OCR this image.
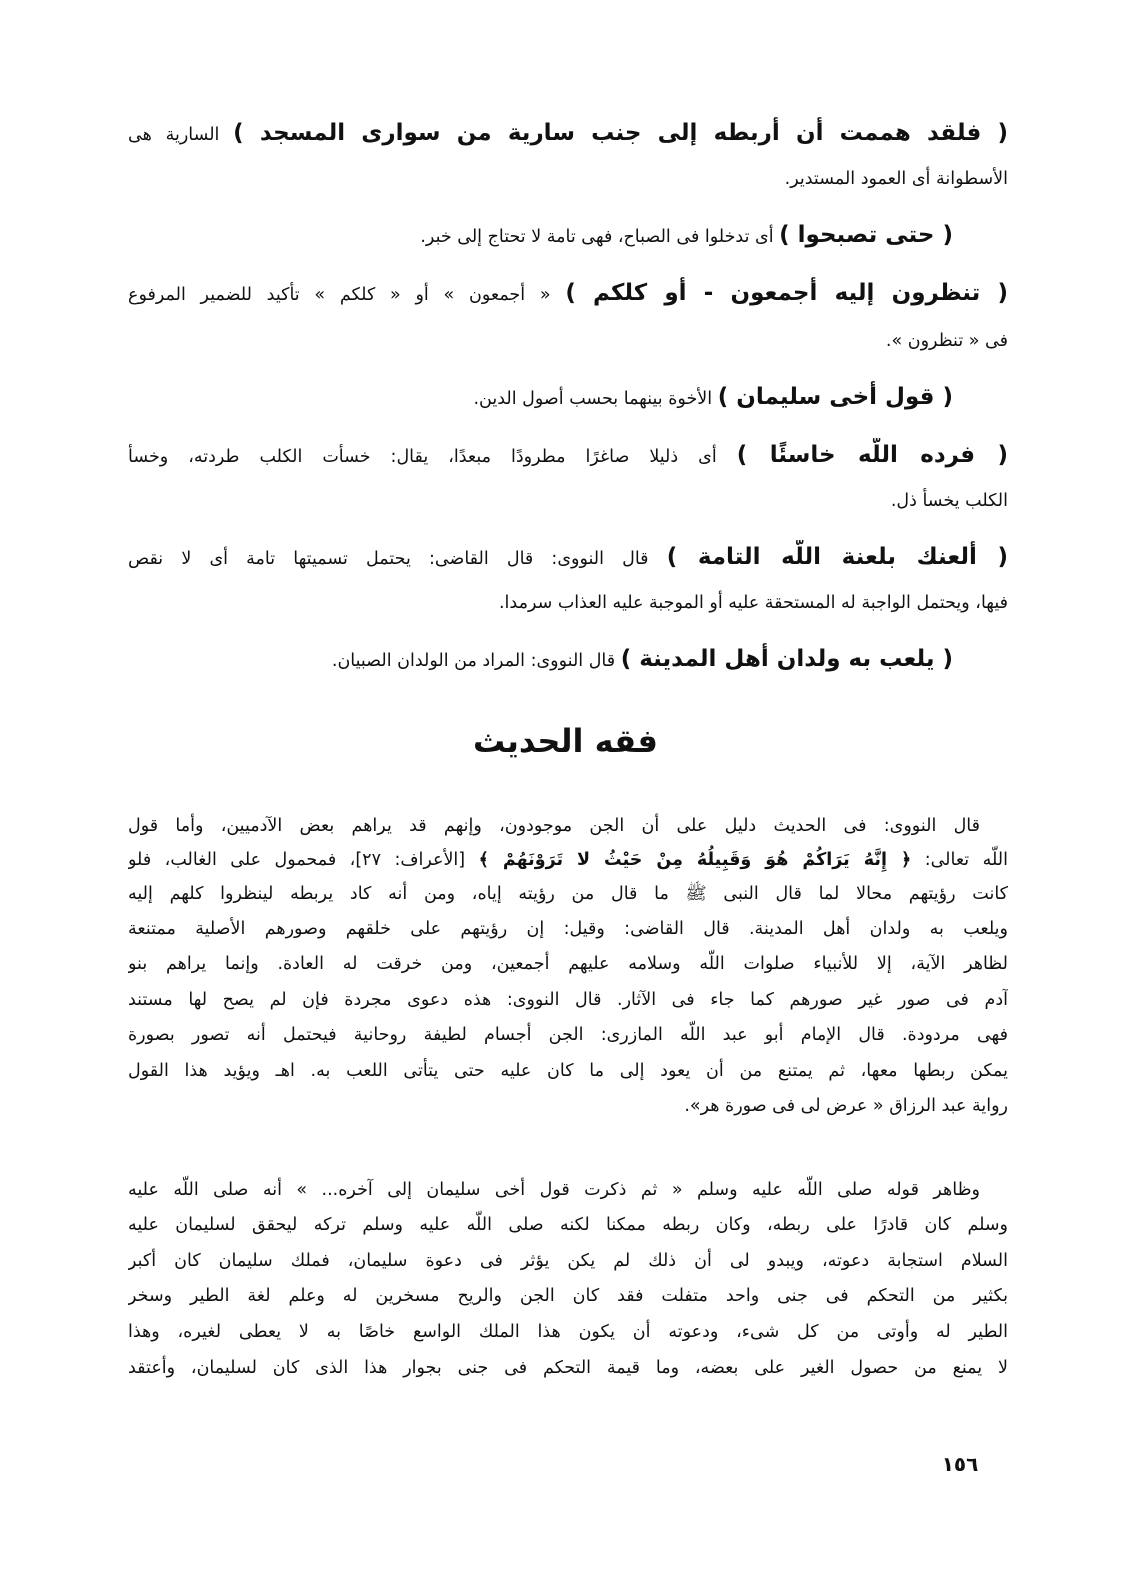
( فلقد هممت أن أربطه إلى جنب سارية من سوارى المسجد ) السارية هى
الأسطوانة أى العمود المستدير.
( حتى تصبحوا ) أى تدخلوا فى الصباح، فهى تامة لا تحتاج إلى خبر.
( تنظرون إليه أجمعون - أو كلكم ) « أجمعون » أو « كلكم » تأكيد للضمير المرفوع
فى « تنظرون ».
( قول أخى سليمان ) الأخوة بينهما بحسب أصول الدين.
( فرده اللّه خاسئًا ) أى ذليلا صاغرًا مطرودًا مبعدًا، يقال: خسأت الكلب طردته، وخسأ
الكلب يخسأ ذل.
( ألعنك بلعنة اللّه التامة ) قال النووى: قال القاضى: يحتمل تسميتها تامة أى لا نقص
فيها، ويحتمل الواجبة له المستحقة عليه أو الموجبة عليه العذاب سرمدا.
( يلعب به ولدان أهل المدينة ) قال النووى: المراد من الولدان الصبيان.
فقه الحديث
قال النووى: فى الحديث دليل على أن الجن موجودون، وإنهم قد يراهم بعض الآدميين، وأما قول
اللّه تعالى: ﴿ إِنَّهُ يَرَاكُمْ هُوَ وَقَبِيلُهُ مِنْ حَيْثُ لا تَرَوْنَهُمْ ﴾ [الأعراف: ٢٧]، فمحمول على الغالب، فلو
كانت رؤيتهم محالا لما قال النبى ﷺ ما قال من رؤيته إياه، ومن أنه كاد يربطه لينظروا كلهم إليه
ويلعب به ولدان أهل المدينة. قال القاضى: وقيل: إن رؤيتهم على خلقهم وصورهم الأصلية ممتنعة
لظاهر الآية، إلا للأنبياء صلوات اللّه وسلامه عليهم أجمعين، ومن خرقت له العادة. وإنما يراهم بنو
آدم فى صور غير صورهم كما جاء فى الآثار. قال النووى: هذه دعوى مجردة فإن لم يصح لها مستند
فهى مردودة. قال الإمام أبو عبد اللّه المازرى: الجن أجسام لطيفة روحانية فيحتمل أنه تصور بصورة
يمكن ربطها معها، ثم يمتنع من أن يعود إلى ما كان عليه حتى يتأتى اللعب به. اهـ ويؤيد هذا القول
رواية عبد الرزاق « عرض لى فى صورة هر».
وظاهر قوله صلى اللّه عليه وسلم « ثم ذكرت قول أخى سليمان إلى آخره... » أنه صلى اللّه عليه
وسلم كان قادرًا على ربطه، وكان ربطه ممكنا لكنه صلى اللّه عليه وسلم تركه ليحقق لسليمان عليه
السلام استجابة دعوته، ويبدو لى أن ذلك لم يكن يؤثر فى دعوة سليمان، فملك سليمان كان أكبر
بكثير من التحكم فى جنى واحد متفلت فقد كان الجن والريح مسخرين له وعلم لغة الطير وسخر
الطير له وأوتى من كل شىء، ودعوته أن يكون هذا الملك الواسع خاصًا به لا يعطى لغيره، وهذا
لا يمنع من حصول الغير على بعضه، وما قيمة التحكم فى جنى بجوار هذا الذى كان لسليمان، وأعتقد
١٥٦
